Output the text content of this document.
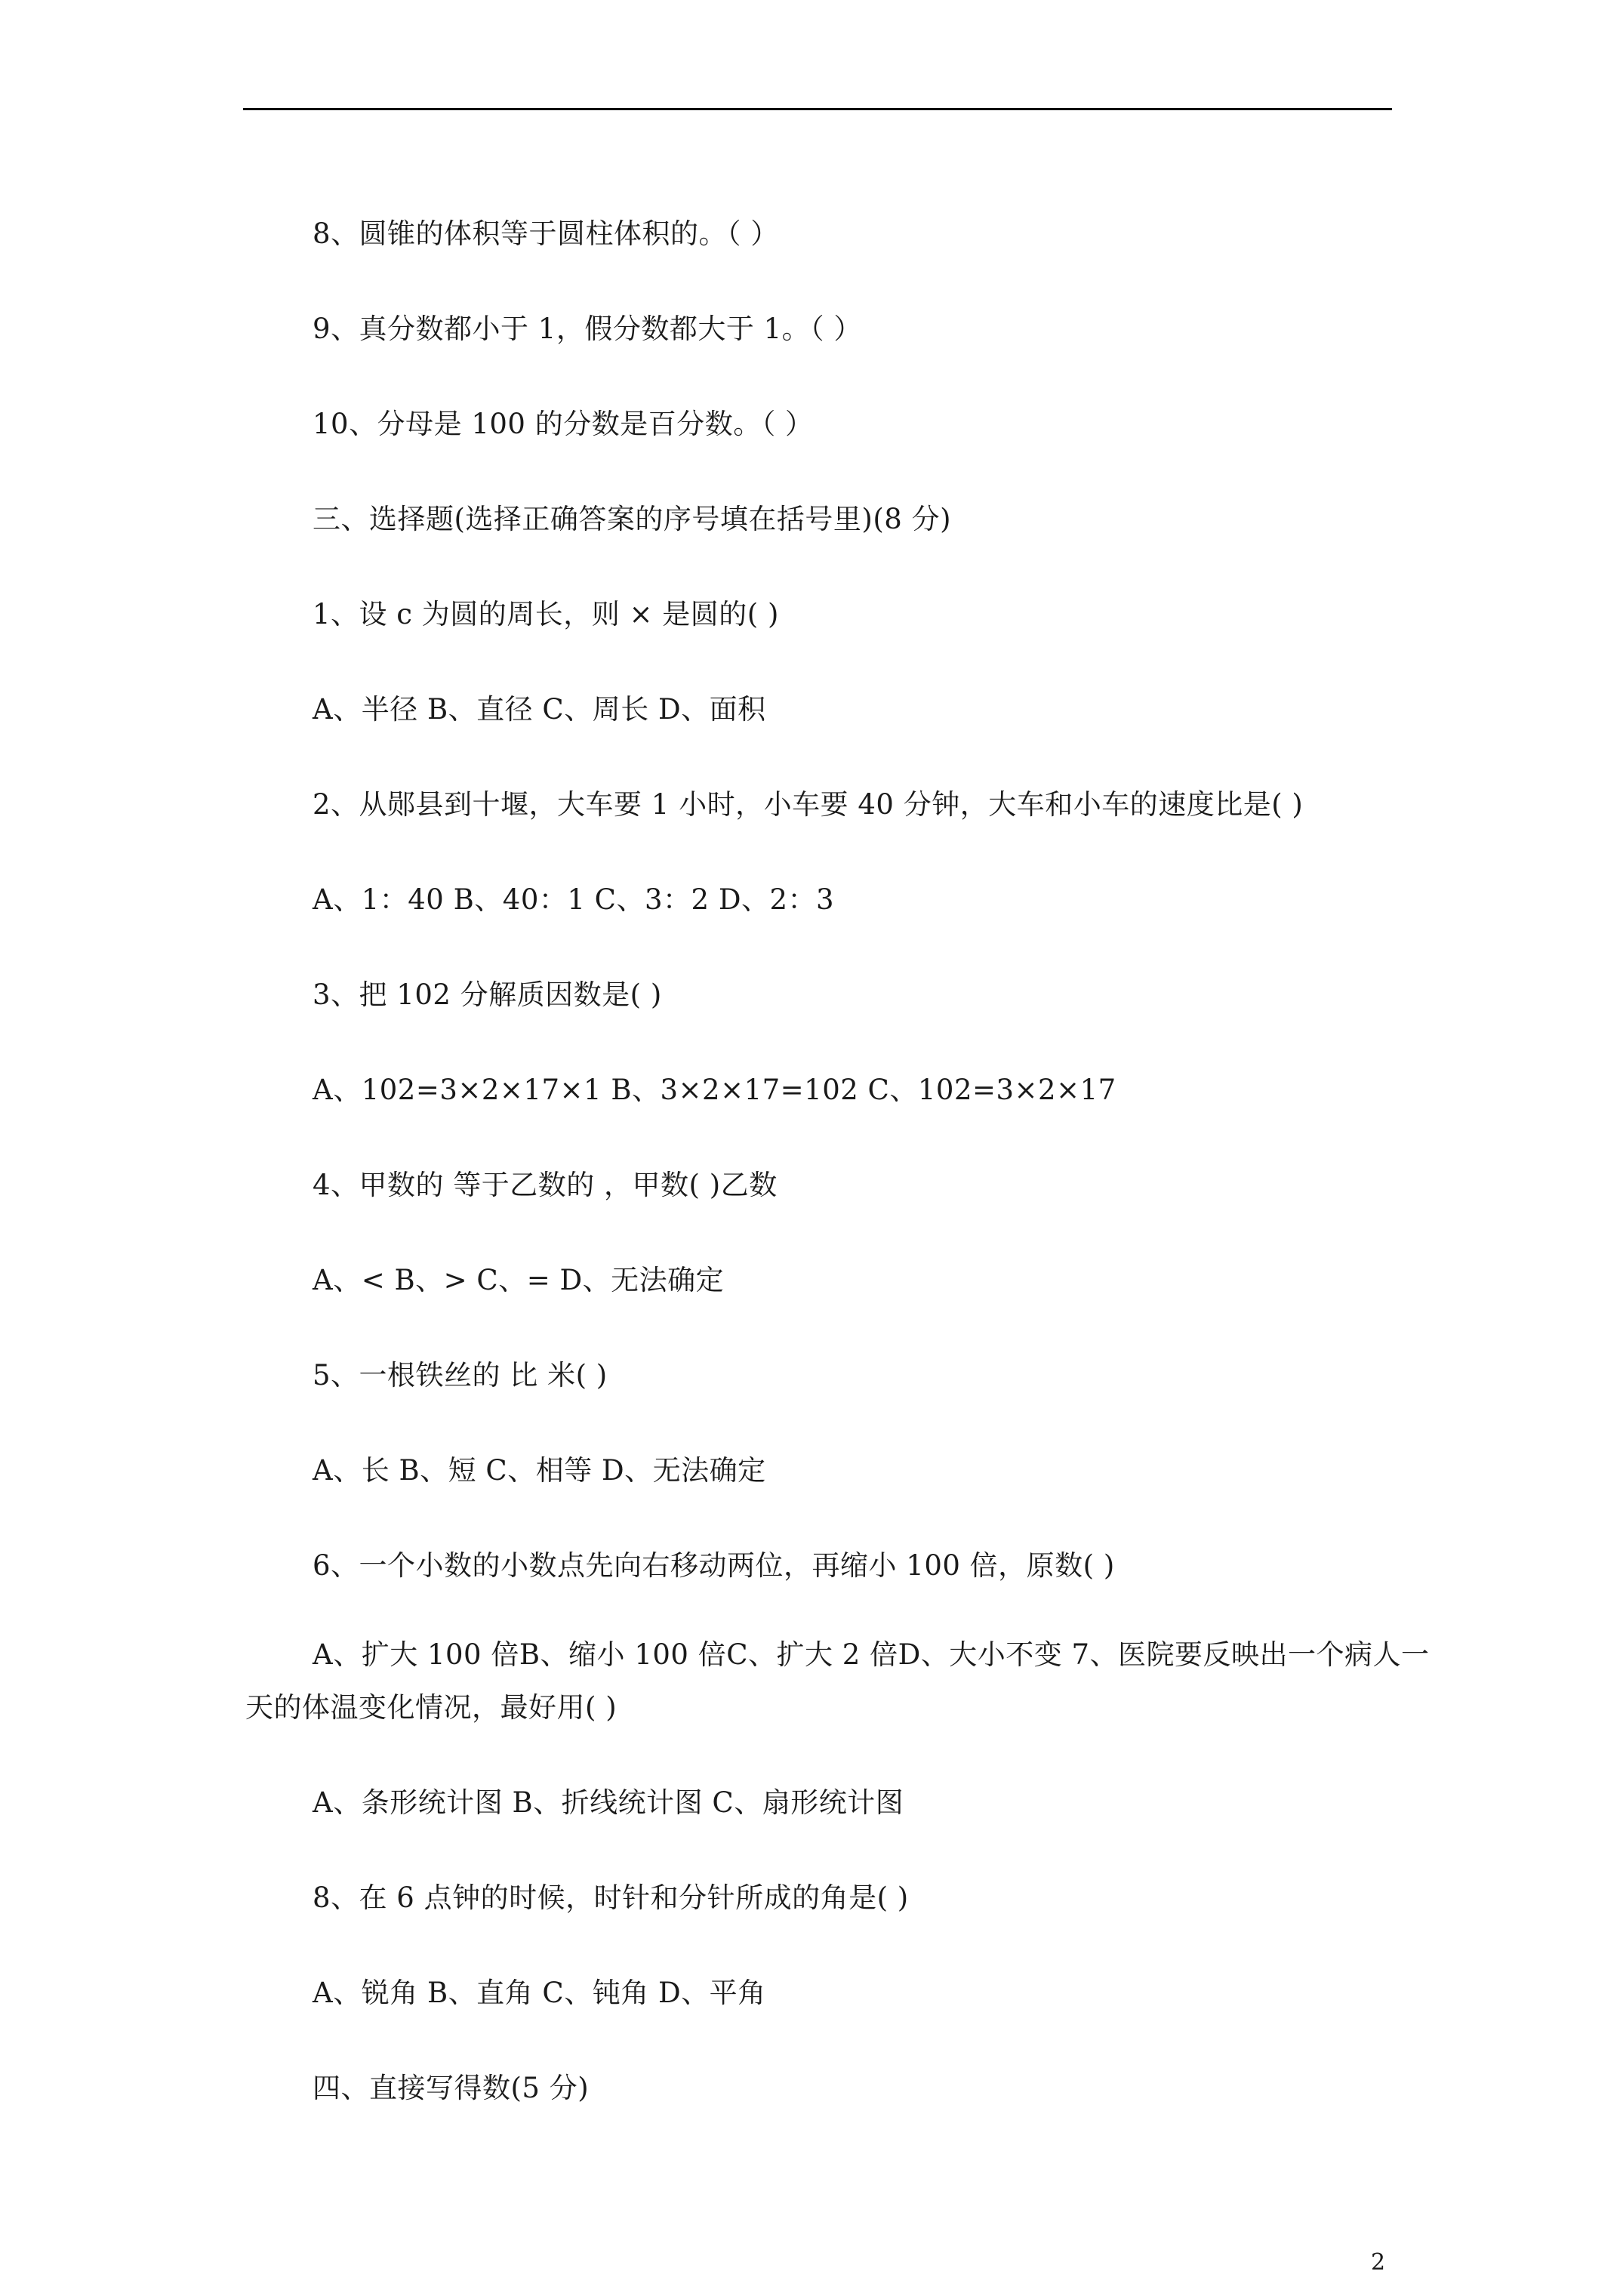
8、圆锥的体积等于圆柱体积的。（ ）
9、真分数都小于 1，假分数都大于 1。（ ）
10、分母是 100 的分数是百分数。（ ）
三、选择题(选择正确答案的序号填在括号里)(8 分)
1、设 c 为圆的周长，则 × 是圆的( )
A、半径 B、直径 C、周长 D、面积
2、从郧县到十堰，大车要 1 小时，小车要 40 分钟，大车和小车的速度比是( )
A、1：40 B、40：1 C、3：2 D、2：3
3、把 102 分解质因数是( )
A、102=3×2×17×1 B、3×2×17=102 C、102=3×2×17
4、甲数的 等于乙数的 ，甲数( )乙数
A、< B、> C、= D、无法确定
5、一根铁丝的 比 米( )
A、长 B、短 C、相等 D、无法确定
6、一个小数的小数点先向右移动两位，再缩小 100 倍，原数( )
A、扩大 100 倍B、缩小 100 倍C、扩大 2 倍D、大小不变 7、医院要反映出一个病人一
天的体温变化情况，最好用( )
A、条形统计图 B、折线统计图 C、扇形统计图
8、在 6 点钟的时候，时针和分针所成的角是( )
A、锐角 B、直角 C、钝角 D、平角
四、直接写得数(5 分)
2
